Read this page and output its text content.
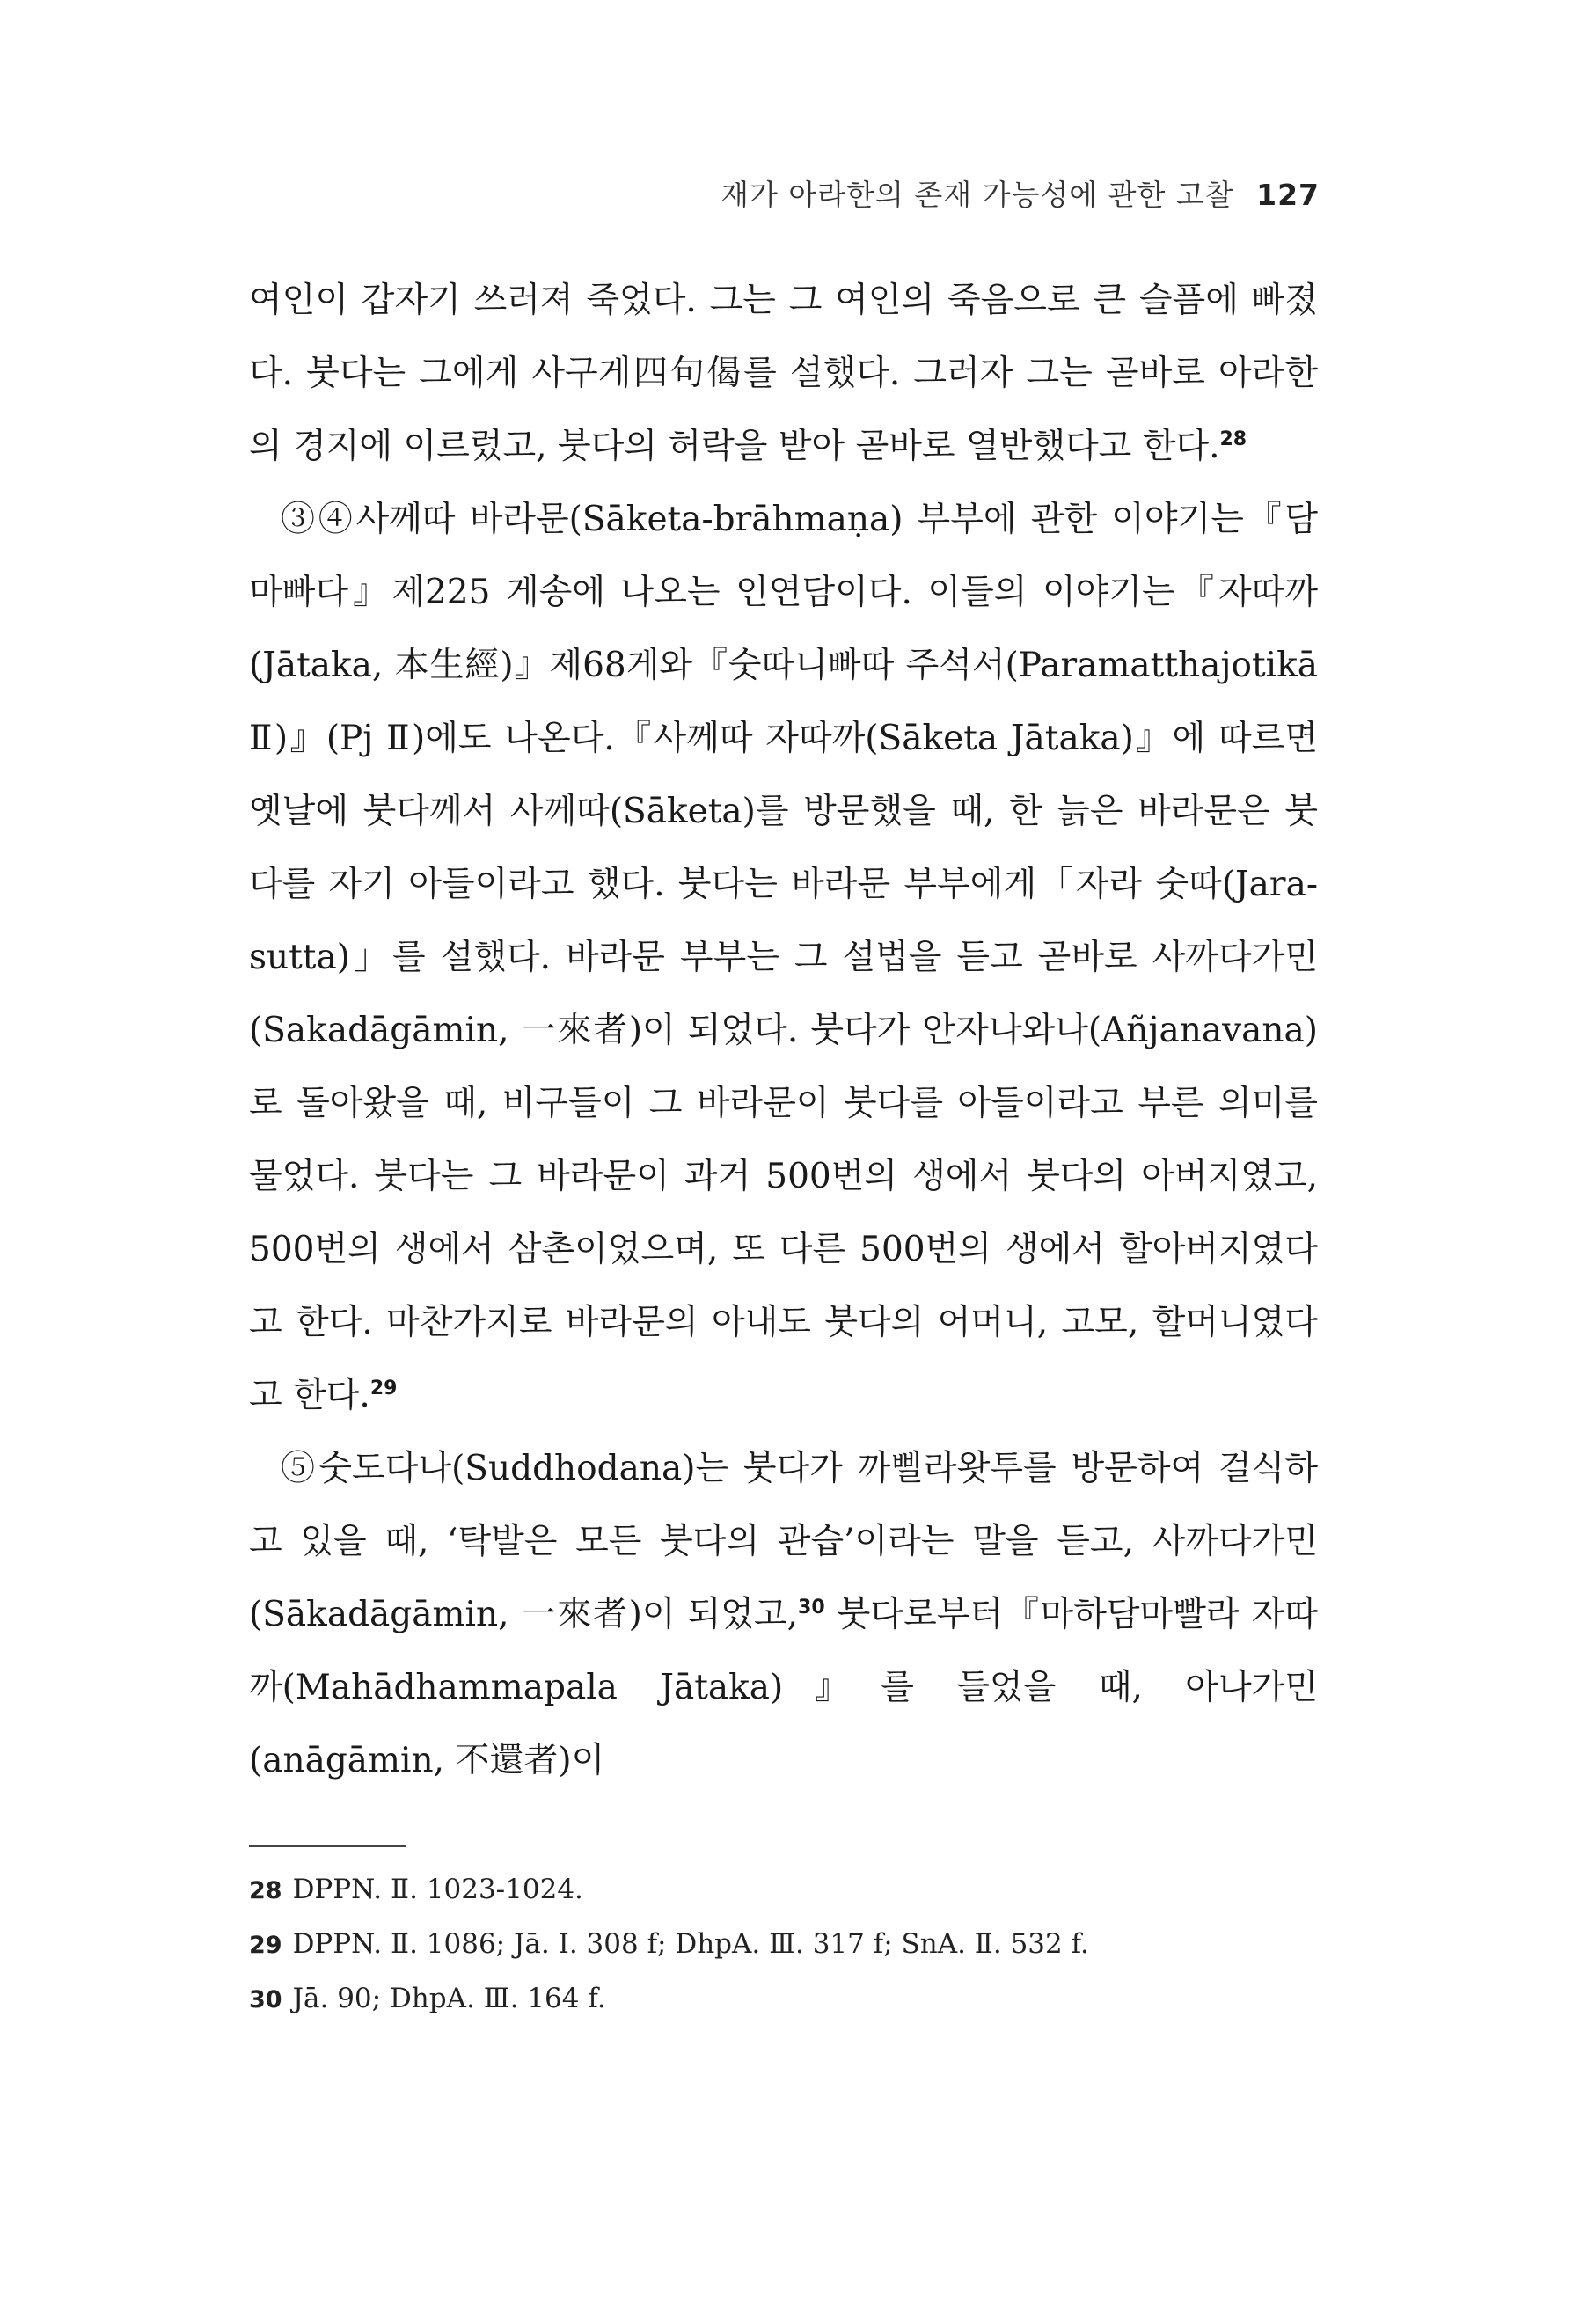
재가 아라한의 존재 가능성에 관한 고찰 127

여인이 갑자기 쓰러져 죽었다. 그는 그 여인의 죽음으로 큰 슬픔에 빠졌다. 붓다는 그에게 사구게四句偈를 설했다. 그러자 그는 곧바로 아라한의 경지에 이르렀고, 붓다의 허락을 받아 곧바로 열반했다고 한다.$^{28}$

③④사께따 바라문(Sāketa-brāhmaṇa) 부부에 관한 이야기는『담마빠다』제225 게송에 나오는 인연담이다. 이들의 이야기는『자따까(Jātaka, 本生經)』제68게와『숫따니빠따 주석서(Paramatthajotikā Ⅱ)』(Pj Ⅱ)에도 나온다.『사께따 자따까(Sāketa Jātaka)』에 따르면 옛날에 붓다께서 사께따(Sāketa)를 방문했을 때, 한 늙은 바라문은 붓다를 자기 아들이라고 했다. 붓다는 바라문 부부에게「자라 숫따(Jara-sutta)」를 설했다. 바라문 부부는 그 설법을 듣고 곧바로 사까다가민(Sakadāgāmin, 一來者)이 되었다. 붓다가 안자나와나(Añjanavana)로 돌아왔을 때, 비구들이 그 바라문이 붓다를 아들이라고 부른 의미를 물었다. 붓다는 그 바라문이 과거 500번의 생에서 붓다의 아버지였고, 500번의 생에서 삼촌이었으며, 또 다른 500번의 생에서 할아버지였다고 한다. 마찬가지로 바라문의 아내도 붓다의 어머니, 고모, 할머니였다고 한다.$^{29}$

⑤숫도다나(Suddhodana)는 붓다가 까삘라왓투를 방문하여 걸식하고 있을 때, ‘탁발은 모든 붓다의 관습’이라는 말을 듣고, 사까다가민(Sākadāgāmin, 一來者)이 되었고,$^{30}$ 붓다로부터『마하담마빨라 자따까(Mahādhammapala Jātaka)』를 들었을 때, 아나가민(anāgāmin, 不還者)이

28 DPPN. Ⅱ. 1023-1024.
29 DPPN. Ⅱ. 1086; Jā. Ⅰ. 308 f; DhpA. Ⅲ. 317 f; SnA. Ⅱ. 532 f.
30 Jā. 90; DhpA. Ⅲ. 164 f.
